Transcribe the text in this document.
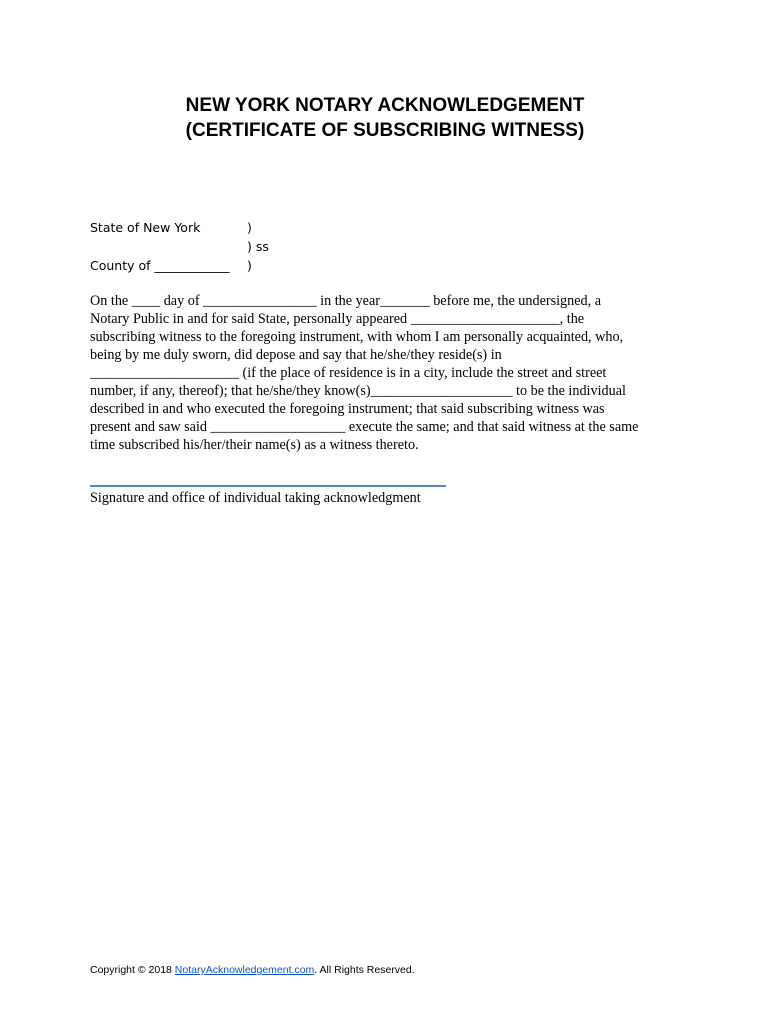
NEW YORK NOTARY ACKNOWLEDGEMENT
(CERTIFICATE OF SUBSCRIBING WITNESS)
State of New York	)
) ss
County of ____________ )
On the ____ day of ________________ in the year_______ before me, the undersigned, a
Notary Public in and for said State, personally appeared _____________________, the
subscribing witness to the foregoing instrument, with whom I am personally acquainted, who,
being by me duly sworn, did depose and say that he/she/they reside(s) in
_____________________ (if the place of residence is in a city, include the street and street
number, if any, thereof); that he/she/they know(s)____________________ to be the individual
described in and who executed the foregoing instrument; that said subscribing witness was
present and saw said ___________________ execute the same; and that said witness at the same
time subscribed his/her/their name(s) as a witness thereto.
Signature and office of individual taking acknowledgment
Copyright © 2018 NotaryAcknowledgement.com. All Rights Reserved.
